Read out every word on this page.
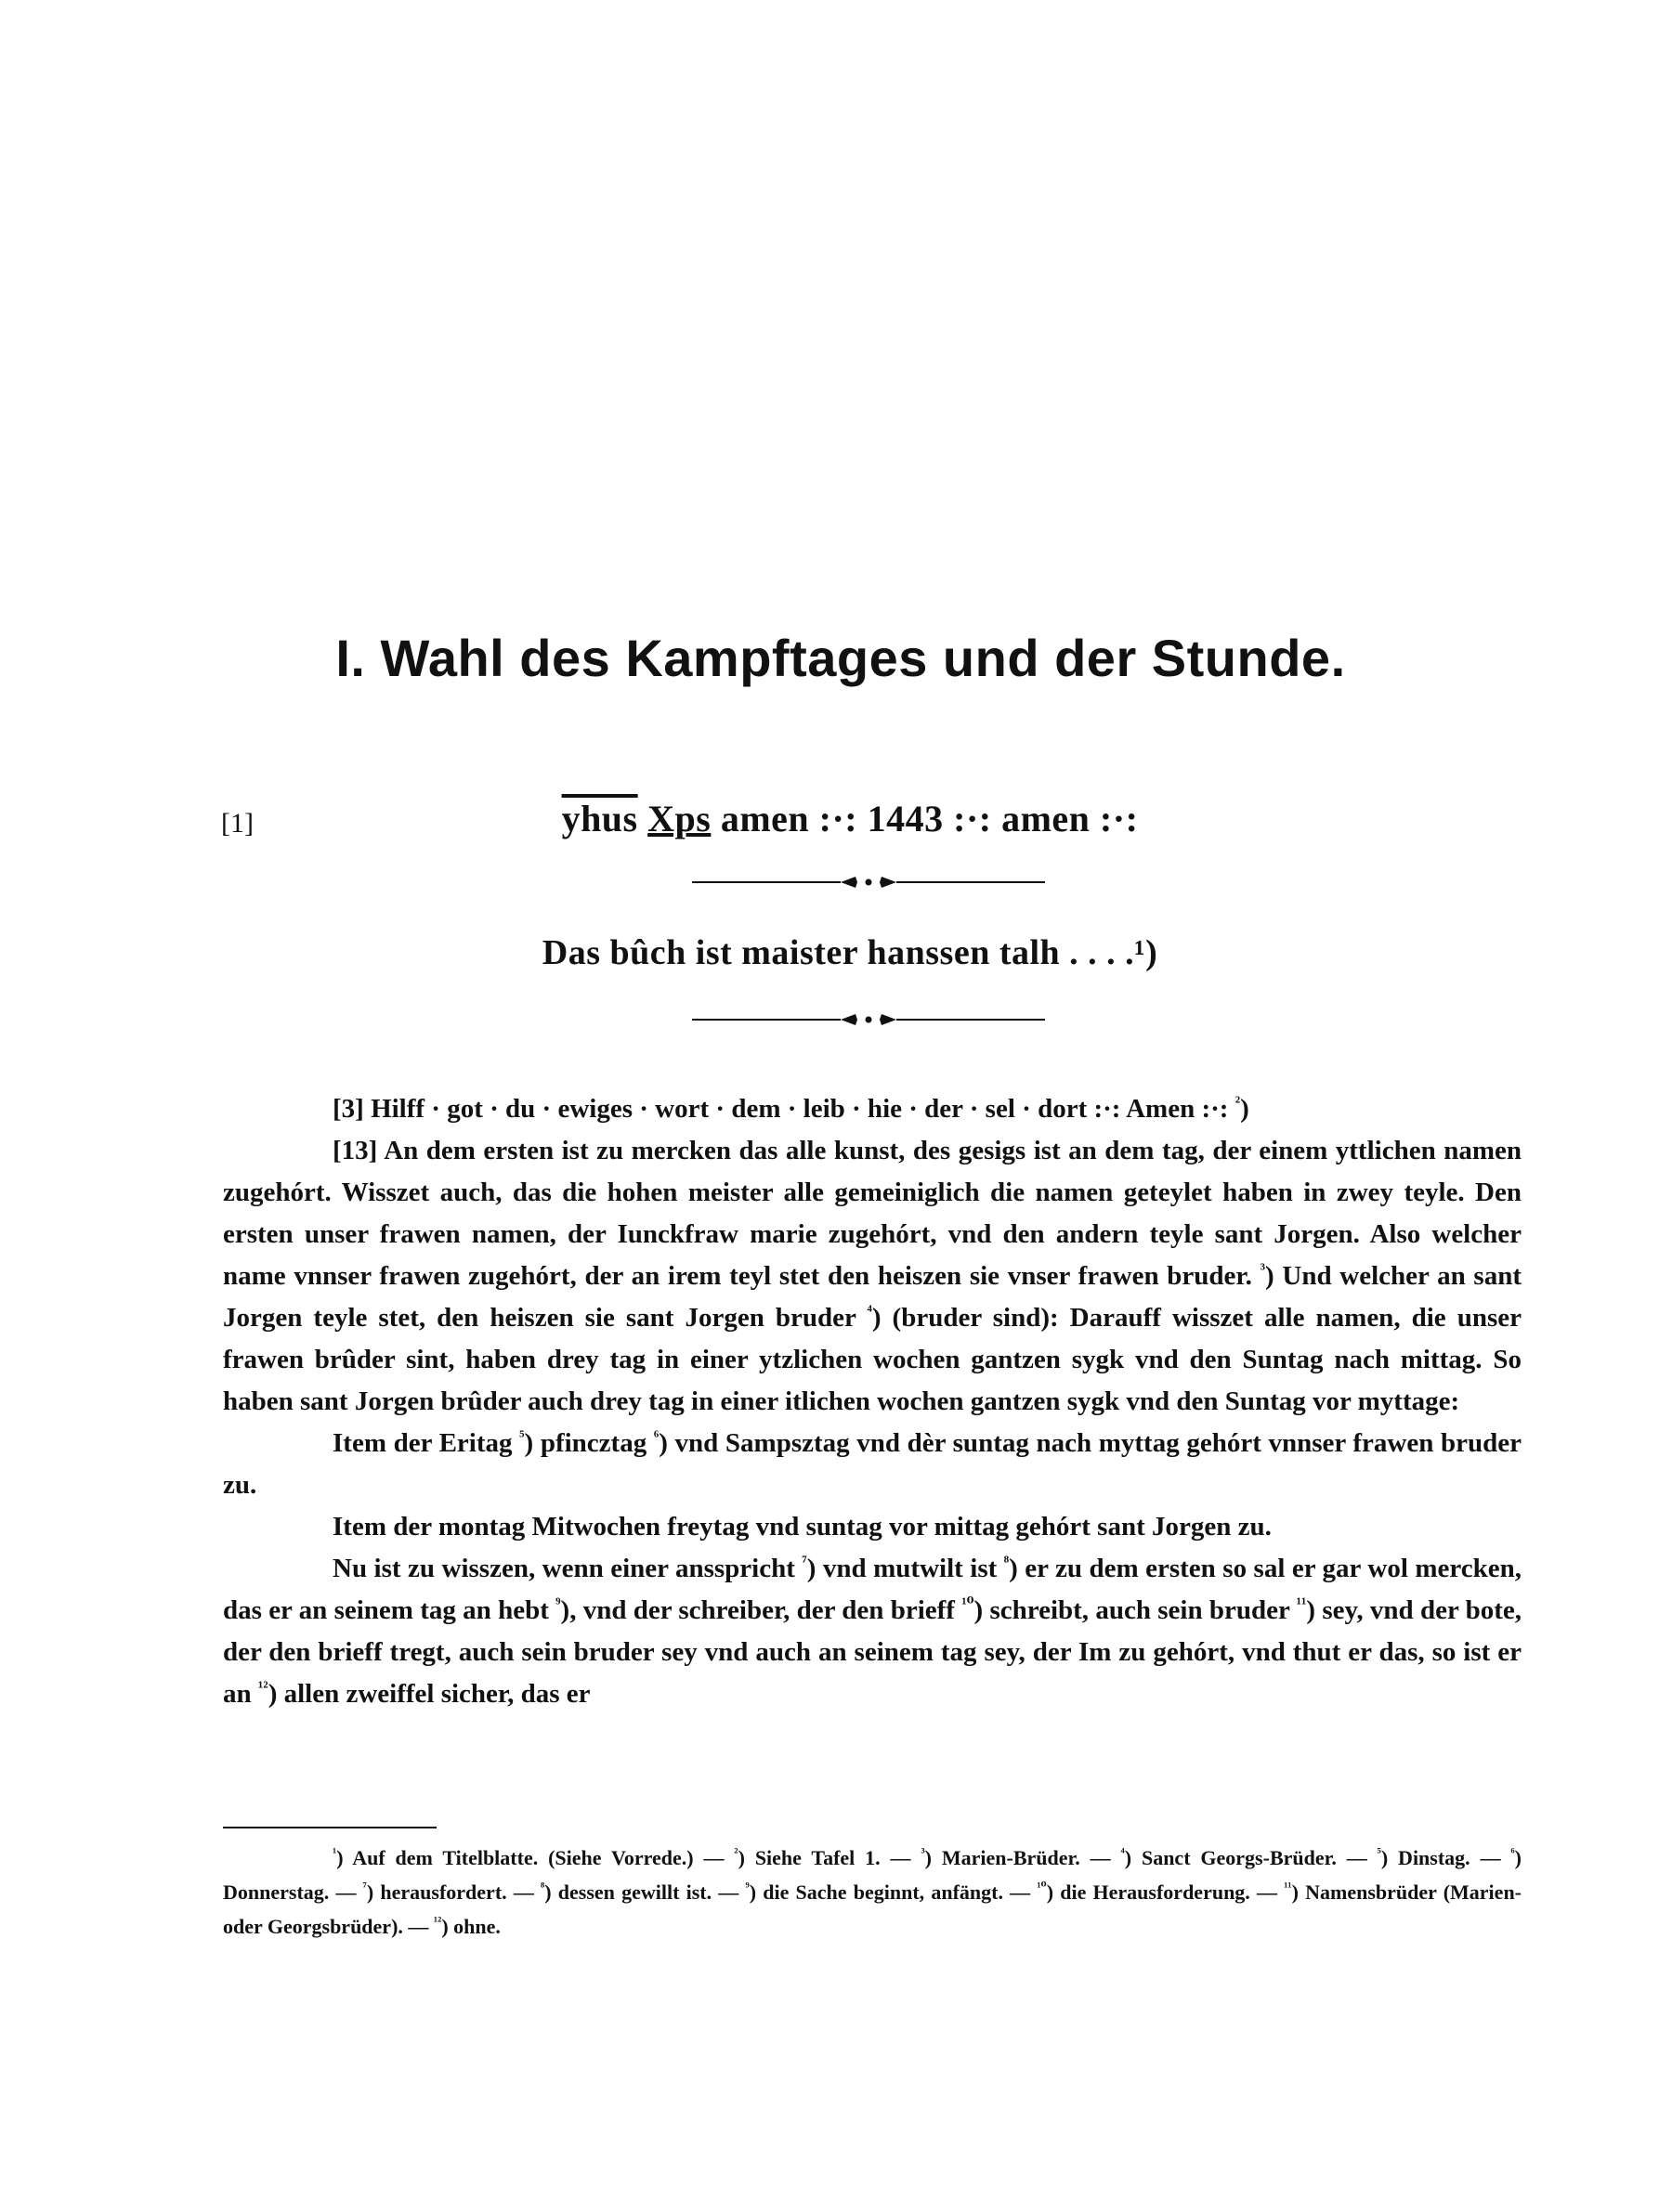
I. Wahl des Kampftages und der Stunde.
[1]	yhus Xps amen :·: 1443 :·: amen :·:
Das bûch ist maister hanssen talh . . . .¹)

[3] Hilff · got · du · ewiges · wort · dem · leib · hie · der · sel · dort :·: Amen :·: $^{^2}$)

[13] An dem ersten ist zu mercken das alle kunst, des gesigs ist an dem tag, der einem yttlichen namen zugehórt. Wisszet auch, das die hohen meister alle gemeiniglich die namen geteylet haben in zwey teyle. Den ersten unser frawen namen, der Iunckfraw marie zugehórt, vnd den andern teyle sant Jorgen. Also welcher name vnnser frawen zugehórt, der an irem teyl stet den heiszen sie vnser frawen bruder. $^{^3}$) Und welcher an sant Jorgen teyle stet, den heiszen sie sant Jorgen bruder $^{^4}$) (bruder sind): Darauff wisszet alle namen, die unser frawen brûder sint, haben drey tag in einer ytzlichen wochen gantzen sygk vnd den Suntag nach mittag. So haben sant Jorgen brûder auch drey tag in einer itlichen wochen gantzen sygk vnd den Suntag vor myttage:

Item der Eritag $^{^5}$) pfincztag $^{^6}$) vnd Sampsztag vnd dèr suntag nach myttag gehórt vnnser frawen bruder zu.

Item der montag Mitwochen freytag vnd suntag vor mittag gehórt sant Jorgen zu.

Nu ist zu wisszen, wenn einer ansspricht $^{^7}$) vnd mutwilt ist $^{^8}$) er zu dem ersten so sal er gar wol mercken, das er an seinem tag an hebt $^{^9}$), vnd der schreiber, der den brieff $^{^{10}}$) schreibt, auch sein bruder $^{^{11}}$) sey, vnd der bote, der den brieff tregt, auch sein bruder sey vnd auch an seinem tag sey, der Im zu gehórt, vnd thut er das, so ist er an $^{^{12}}$) allen zweiffel sicher, das er

$^{^1}$) Auf dem Titelblatte. (Siehe Vorrede.) — $^{^2}$) Siehe Tafel 1. — $^{^3}$) Marien-Brüder. — $^{^4}$) Sanct Georgs-Brüder. — $^{^5}$) Dinstag. — $^{^6}$) Donnerstag. — $^{^7}$) herausfordert. — $^{^8}$) dessen gewillt ist. — $^{^9}$) die Sache beginnt, anfängt. — $^{^{10}}$) die Herausforderung. — $^{^{11}}$) Namensbrüder (Marien- oder Georgsbrüder). — $^{^{12}}$) ohne.
